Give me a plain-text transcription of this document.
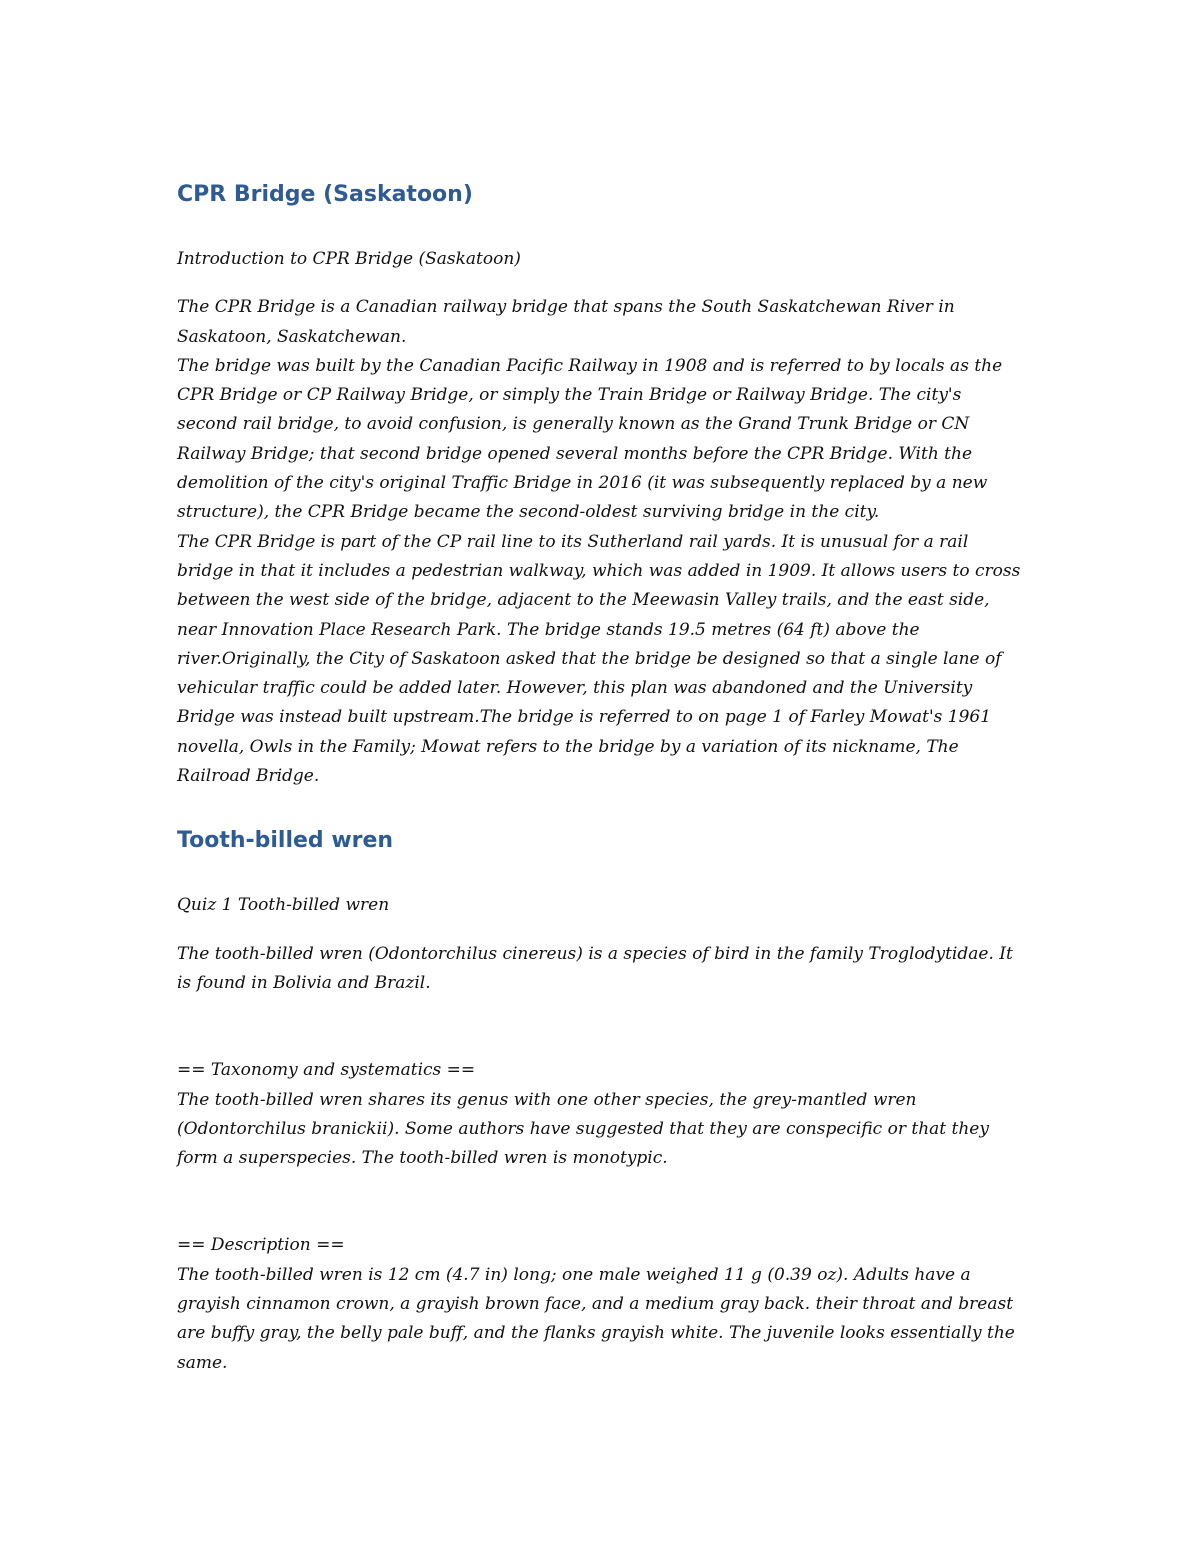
CPR Bridge (Saskatoon)

Introduction to CPR Bridge (Saskatoon)

The CPR Bridge is a Canadian railway bridge that spans the South Saskatchewan River in Saskatoon, Saskatchewan.

The bridge was built by the Canadian Pacific Railway in 1908 and is referred to by locals as the CPR Bridge or CP Railway Bridge, or simply the Train Bridge or Railway Bridge. The city's second rail bridge, to avoid confusion, is generally known as the Grand Trunk Bridge or CN Railway Bridge; that second bridge opened several months before the CPR Bridge. With the demolition of the city's original Traffic Bridge in 2016 (it was subsequently replaced by a new structure), the CPR Bridge became the second-oldest surviving bridge in the city.

The CPR Bridge is part of the CP rail line to its Sutherland rail yards. It is unusual for a rail bridge in that it includes a pedestrian walkway, which was added in 1909. It allows users to cross between the west side of the bridge, adjacent to the Meewasin Valley trails, and the east side, near Innovation Place Research Park. The bridge stands 19.5 metres (64 ft) above the river.Originally, the City of Saskatoon asked that the bridge be designed so that a single lane of vehicular traffic could be added later. However, this plan was abandoned and the University Bridge was instead built upstream.The bridge is referred to on page 1 of Farley Mowat's 1961 novella, Owls in the Family; Mowat refers to the bridge by a variation of its nickname, The Railroad Bridge.

Tooth-billed wren

Quiz 1 Tooth-billed wren

The tooth-billed wren (Odontorchilus cinereus) is a species of bird in the family Troglodytidae. It is found in Bolivia and Brazil.

== Taxonomy and systematics ==

The tooth-billed wren shares its genus with one other species, the grey-mantled wren (Odontorchilus branickii). Some authors have suggested that they are conspecific or that they form a superspecies. The tooth-billed wren is monotypic.

== Description ==

The tooth-billed wren is 12 cm (4.7 in) long; one male weighed 11 g (0.39 oz). Adults have a grayish cinnamon crown, a grayish brown face, and a medium gray back. their throat and breast are buffy gray, the belly pale buff, and the flanks grayish white. The juvenile looks essentially the same.
